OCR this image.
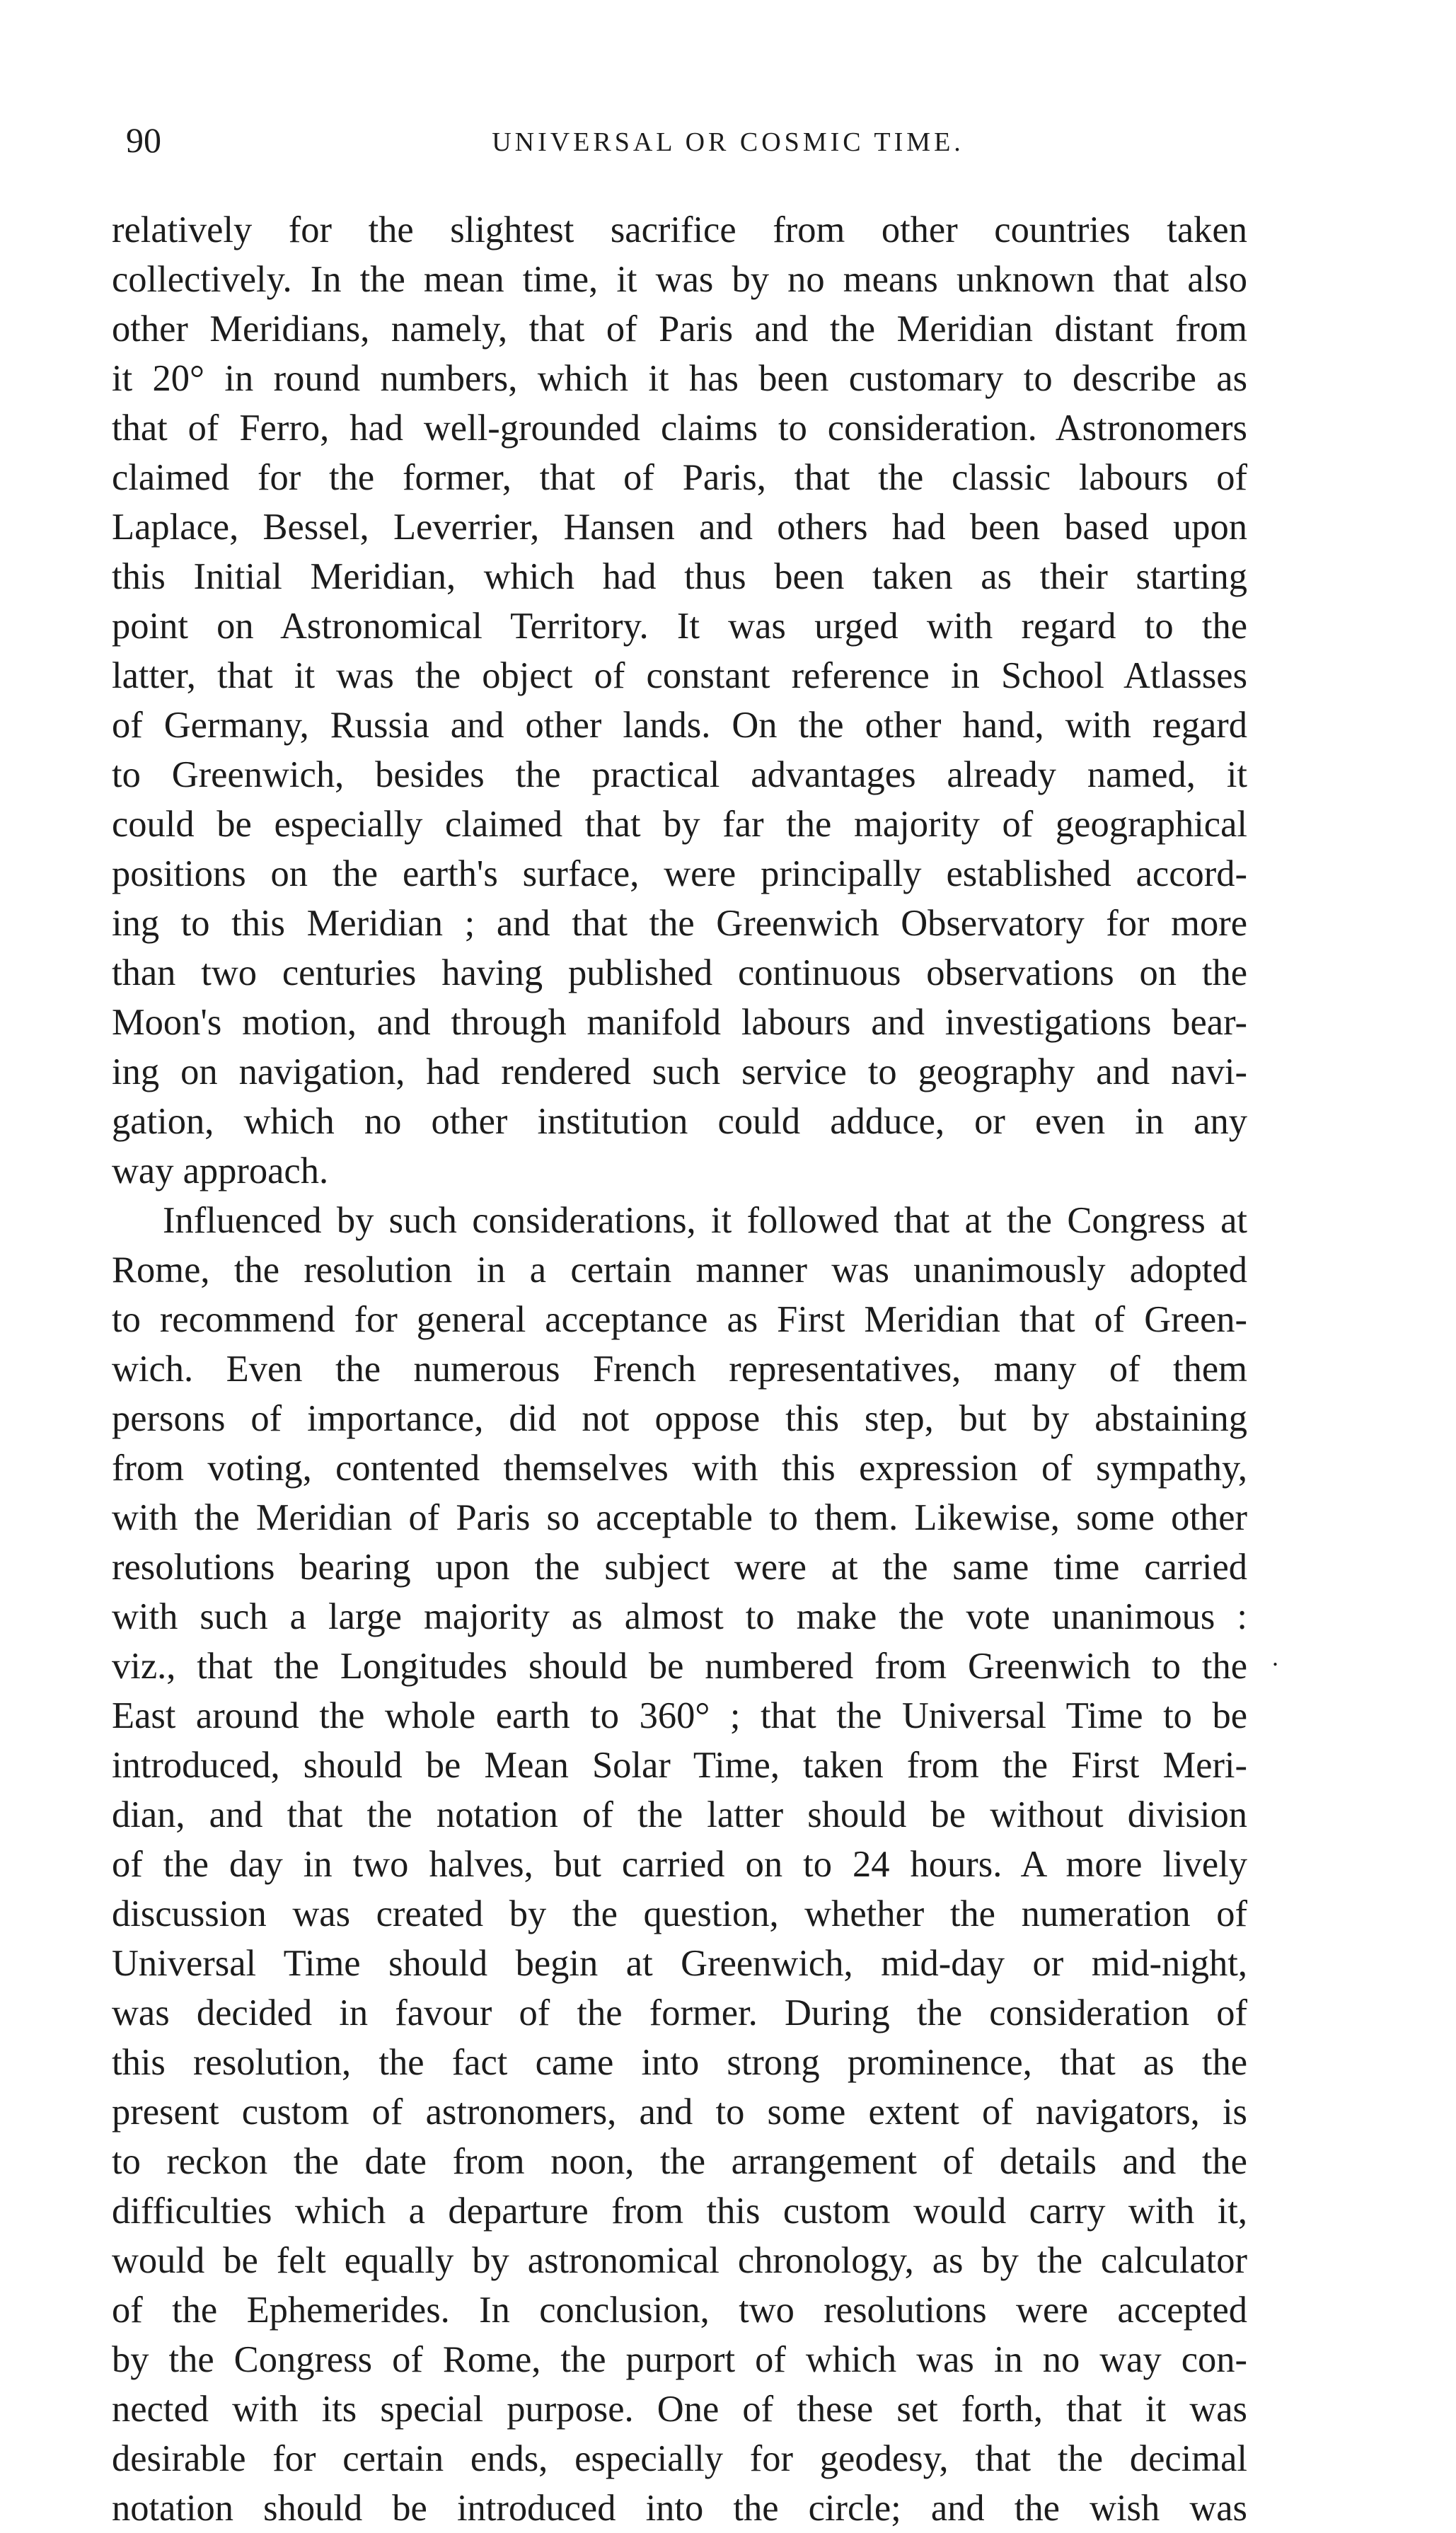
90	UNIVERSAL OR COSMIC TIME.
relatively for the slightest sacrifice from other countries taken
collectively. In the mean time, it was by no means unknown that also
other Meridians, namely, that of Paris and the Meridian distant from
it 20° in round numbers, which it has been customary to describe as
that of Ferro, had well-grounded claims to consideration. Astronomers
claimed for the former, that of Paris, that the classic labours of
Laplace, Bessel, Leverrier, Hansen and others had been based upon
this Initial Meridian, which had thus been taken as their starting
point on Astronomical Territory. It was urged with regard to the
latter, that it was the object of constant reference in School Atlasses
of Germany, Russia and other lands. On the other hand, with regard
to Greenwich, besides the practical advantages already named, it
could be especially claimed that by far the majority of geographical
positions on the earth's surface, were principally established accord-
ing to this Meridian ; and that the Greenwich Observatory for more
than two centuries having published continuous observations on the
Moon's motion, and through manifold labours and investigations bear-
ing on navigation, had rendered such service to geography and navi-
gation, which no other institution could adduce, or even in any
way approach.
Influenced by such considerations, it followed that at the Congress at
Rome, the resolution in a certain manner was unanimously adopted
to recommend for general acceptance as First Meridian that of Green-
wich. Even the numerous French representatives, many of them
persons of importance, did not oppose this step, but by abstaining
from voting, contented themselves with this expression of sympathy,
with the Meridian of Paris so acceptable to them. Likewise, some other
resolutions bearing upon the subject were at the same time carried
with such a large majority as almost to make the vote unanimous :
viz., that the Longitudes should be numbered from Greenwich to the
East around the whole earth to 360° ; that the Universal Time to be
introduced, should be Mean Solar Time, taken from the First Meri-
dian, and that the notation of the latter should be without division
of the day in two halves, but carried on to 24 hours. A more lively
discussion was created by the question, whether the numeration of
Universal Time should begin at Greenwich, mid-day or mid-night,
was decided in favour of the former. During the consideration of
this resolution, the fact came into strong prominence, that as the
present custom of astronomers, and to some extent of navigators, is
to reckon the date from noon, the arrangement of details and the
difficulties which a departure from this custom would carry with it,
would be felt equally by astronomical chronology, as by the calculator
of the Ephemerides. In conclusion, two resolutions were accepted
by the Congress of Rome, the purport of which was in no way con-
nected with its special purpose. One of these set forth, that it was
desirable for certain ends, especially for geodesy, that the decimal
notation should be introduced into the circle; and the wish was
.
